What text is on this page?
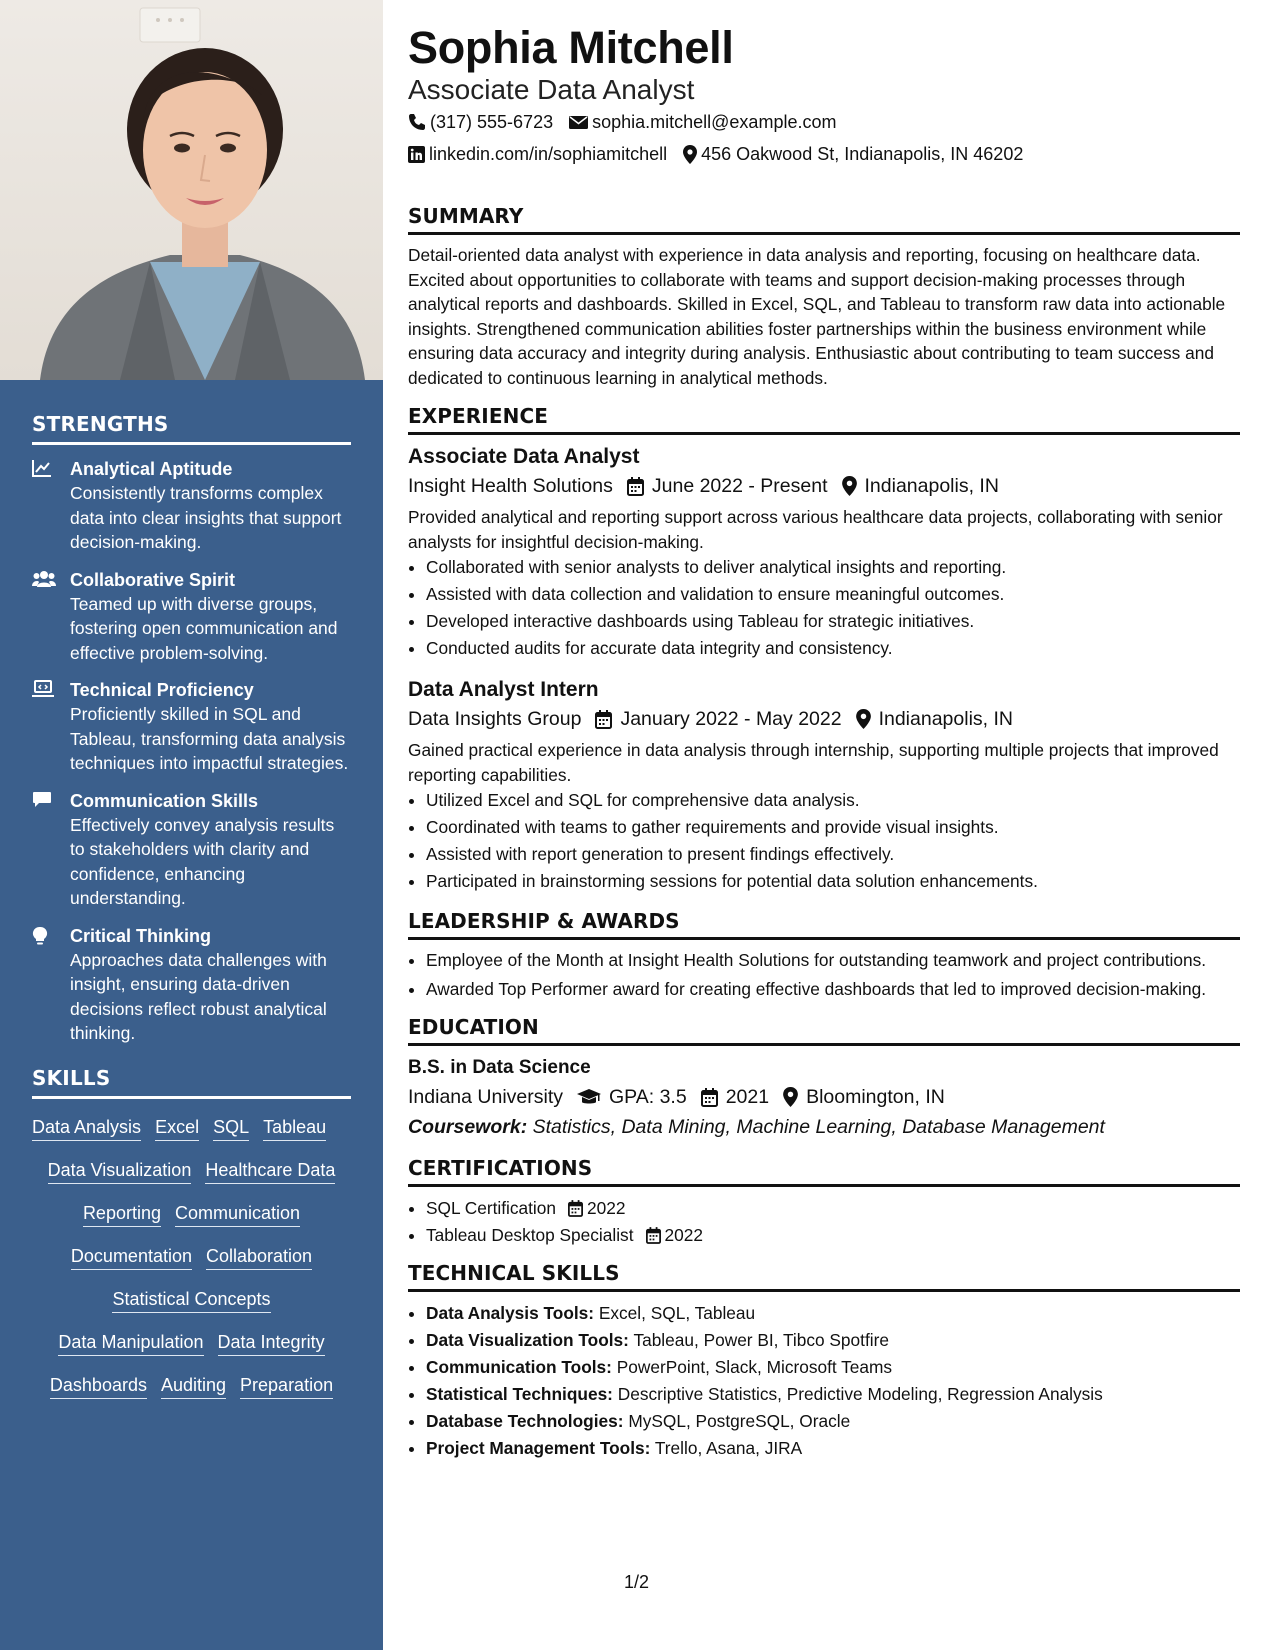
STRENGTHS
Analytical Aptitude
Consistently transforms complex data into clear insights that support decision-making.
Collaborative Spirit
Teamed up with diverse groups, fostering open communication and effective problem-solving.
Technical Proficiency
Proficiently skilled in SQL and Tableau, transforming data analysis techniques into impactful strategies.
Communication Skills
Effectively convey analysis results to stakeholders with clarity and confidence, enhancing understanding.
Critical Thinking
Approaches data challenges with insight, ensuring data-driven decisions reflect robust analytical thinking.
SKILLS
Data Analysis Excel SQL Tableau
Data Visualization Healthcare Data
Reporting Communication
Documentation Collaboration
Statistical Concepts
Data Manipulation Data Integrity
Dashboards Auditing Preparation
Sophia Mitchell
Associate Data Analyst
(317) 555-6723 sophia.mitchell@example.com
linkedin.com/in/sophiamitchell 456 Oakwood St, Indianapolis, IN 46202
SUMMARY
Detail-oriented data analyst with experience in data analysis and reporting, focusing on healthcare data. Excited about opportunities to collaborate with teams and support decision-making processes through analytical reports and dashboards. Skilled in Excel, SQL, and Tableau to transform raw data into actionable insights. Strengthened communication abilities foster partnerships within the business environment while ensuring data accuracy and integrity during analysis. Enthusiastic about contributing to team success and dedicated to continuous learning in analytical methods.
EXPERIENCE
Associate Data Analyst
Insight Health Solutions June 2022 - Present Indianapolis, IN
Provided analytical and reporting support across various healthcare data projects, collaborating with senior analysts for insightful decision-making.
• Collaborated with senior analysts to deliver analytical insights and reporting.
• Assisted with data collection and validation to ensure meaningful outcomes.
• Developed interactive dashboards using Tableau for strategic initiatives.
• Conducted audits for accurate data integrity and consistency.
Data Analyst Intern
Data Insights Group January 2022 - May 2022 Indianapolis, IN
Gained practical experience in data analysis through internship, supporting multiple projects that improved reporting capabilities.
• Utilized Excel and SQL for comprehensive data analysis.
• Coordinated with teams to gather requirements and provide visual insights.
• Assisted with report generation to present findings effectively.
• Participated in brainstorming sessions for potential data solution enhancements.
LEADERSHIP & AWARDS
• Employee of the Month at Insight Health Solutions for outstanding teamwork and project contributions.
• Awarded Top Performer award for creating effective dashboards that led to improved decision-making.
EDUCATION
B.S. in Data Science
Indiana University GPA: 3.5 2021 Bloomington, IN
Coursework: Statistics, Data Mining, Machine Learning, Database Management
CERTIFICATIONS
• SQL Certification 2022
• Tableau Desktop Specialist 2022
TECHNICAL SKILLS
• Data Analysis Tools: Excel, SQL, Tableau
• Data Visualization Tools: Tableau, Power BI, Tibco Spotfire
• Communication Tools: PowerPoint, Slack, Microsoft Teams
• Statistical Techniques: Descriptive Statistics, Predictive Modeling, Regression Analysis
• Database Technologies: MySQL, PostgreSQL, Oracle
• Project Management Tools: Trello, Asana, JIRA
1/2
